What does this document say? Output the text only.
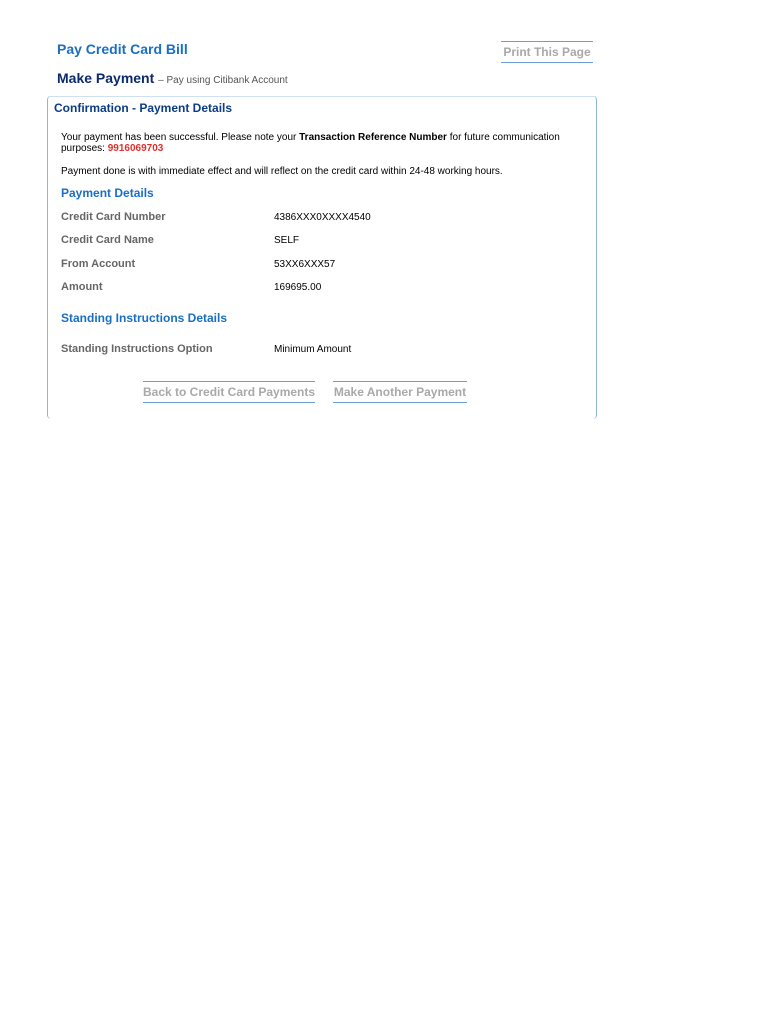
Pay Credit Card Bill	Print This Page
Make Payment – Pay using Citibank Account
Confirmation - Payment Details
Your payment has been successful. Please note your Transaction Reference Number for future communication purposes: 9916069703
Payment done is with immediate effect and will reflect on the credit card within 24-48 working hours.
Payment Details
Credit Card Number	4386XXX0XXXX4540
Credit Card Name	SELF
From Account	53XX6XXX57
Amount	169695.00
Standing Instructions Details
Standing Instructions Option	Minimum Amount
Back to Credit Card Payments Make Another Payment
